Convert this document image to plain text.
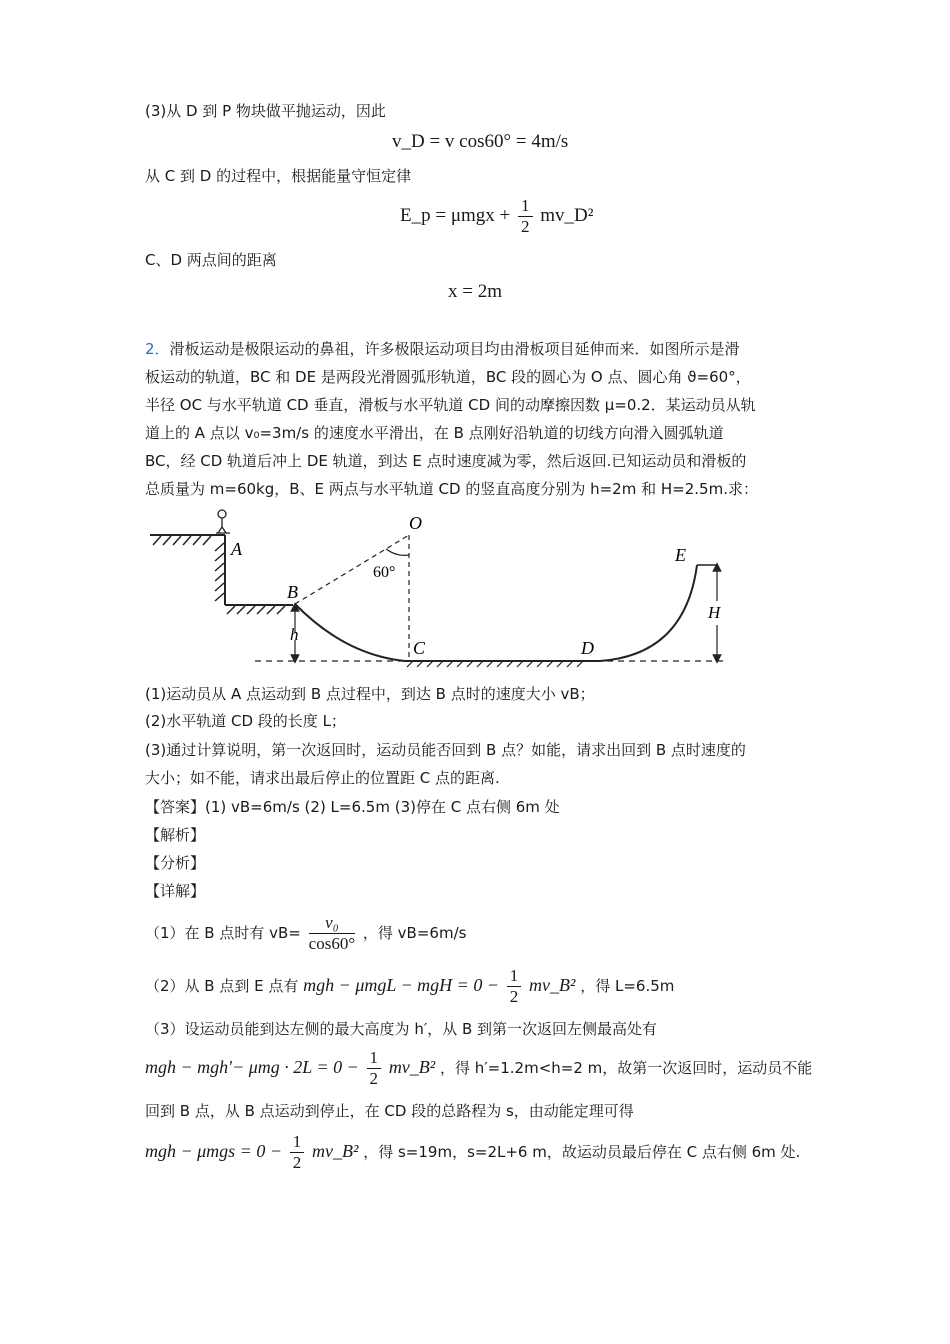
(3)从 D 到 P 物块做平抛运动，因此
v_D = v cos60° = 4m/s
从 C 到 D 的过程中，根据能量守恒定律
E_p = $\mu mgx + \frac{1}{2}$ mv_D²
C、D 两点间的距离
x = 2m
2．滑板运动是极限运动的鼻祖，许多极限运动项目均由滑板项目延伸而来．如图所示是滑
板运动的轨道，BC 和 DE 是两段光滑圆弧形轨道，BC 段的圆心为 O 点、圆心角 ϑ=60°，
半径 OC 与水平轨道 CD 垂直，滑板与水平轨道 CD 间的动摩擦因数 μ=0.2．某运动员从轨
道上的 A 点以 v₀=3m/s 的速度水平滑出，在 B 点刚好沿轨道的切线方向滑入圆弧轨道
BC，经 CD 轨道后冲上 DE 轨道，到达 E 点时速度减为零，然后返回.已知运动员和滑板的
总质量为 m=60kg，B、E 两点与水平轨道 CD 的竖直高度分别为 h=2m 和 H=2.5m.求：
O
A
B
C	D
E
h
H
60°
(1)运动员从 A 点运动到 B 点过程中，到达 B 点时的速度大小 vB；
(2)水平轨道 CD 段的长度 L；
(3)通过计算说明，第一次返回时，运动员能否回到 B 点？如能，请求出回到 B 点时速度的
大小；如不能，请求出最后停止的位置距 C 点的距离.
【答案】(1) vB=6m/s (2) L=6.5m (3)停在 C 点右侧 6m 处
【解析】
【分析】
【详解】
（1）在 B 点时有 $vB= \frac{\text{v₀}}{\cos 60^\circ}$ ，得 vB=6m/s
（2）从 B 点到 E 点有 mgh − μmgL − mgH = $0 - \frac{1}{2}$ mv_B² ，得 L=6.5m
（3）设运动员能到达左侧的最大高度为 h′，从 B 到第一次返回左侧最高处有
mgh − $mgh'- \mu mg \cdot 2L = 0 - \frac{1}{2}$ mv_B² ，得 h′=1.2m<h=2 m，故第一次返回时，运动员不能
回到 B 点，从 B 点运动到停止，在 CD 段的总路程为 s，由动能定理可得
mgh − $\mu mgs = 0 - \frac{1}{2}$ mv_B² ，得 s=19m，s=2L+6 m，故运动员最后停在 C 点右侧 6m 处.
